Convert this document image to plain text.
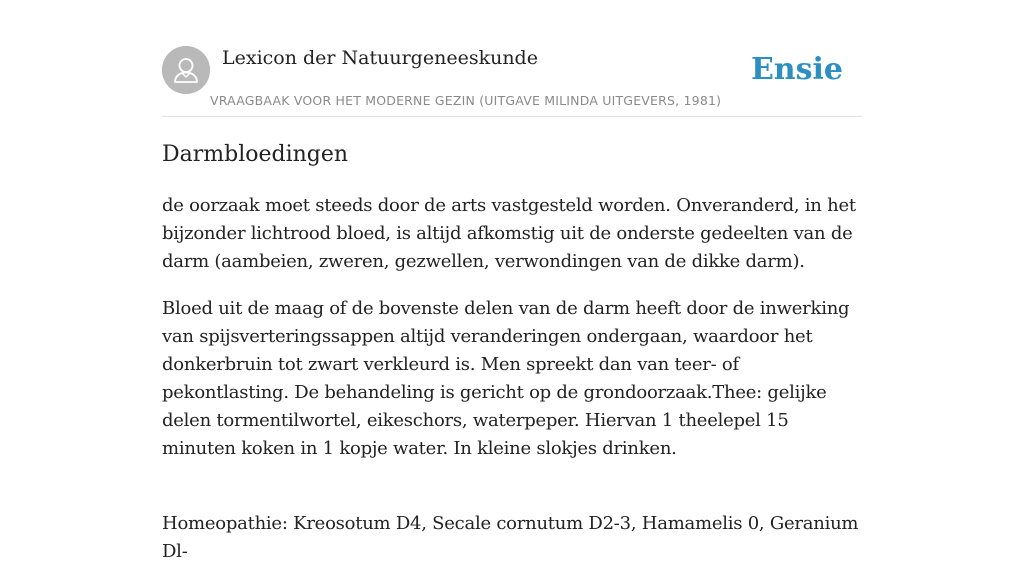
Lexicon der Natuurgeneeskunde
VRAAGBAAK VOOR HET MODERNE GEZIN (UITGAVE MILINDA UITGEVERS, 1981)
Ensie
Darmbloedingen

de oorzaak moet steeds door de arts vastgesteld worden. Onveranderd, in het bijzonder lichtrood bloed, is altijd afkomstig uit de onderste gedeelten van de darm (aambeien, zweren, gezwellen, verwondingen van de dikke darm).

Bloed uit de maag of de bovenste delen van de darm heeft door de inwerking van spijsverteringssappen altijd veranderingen ondergaan, waardoor het donkerbruin tot zwart verkleurd is. Men spreekt dan van teer- of pekontlasting. De behandeling is gericht op de grondoorzaak.Thee: gelijke delen tormentilwortel, eikeschors, waterpeper. Hiervan 1 theelepel 15 minuten koken in 1 kopje water. In kleine slokjes drinken.

Homeopathie: Kreosotum D4, Secale cornutum D2-3, Hamamelis 0, Geranium Dl-
